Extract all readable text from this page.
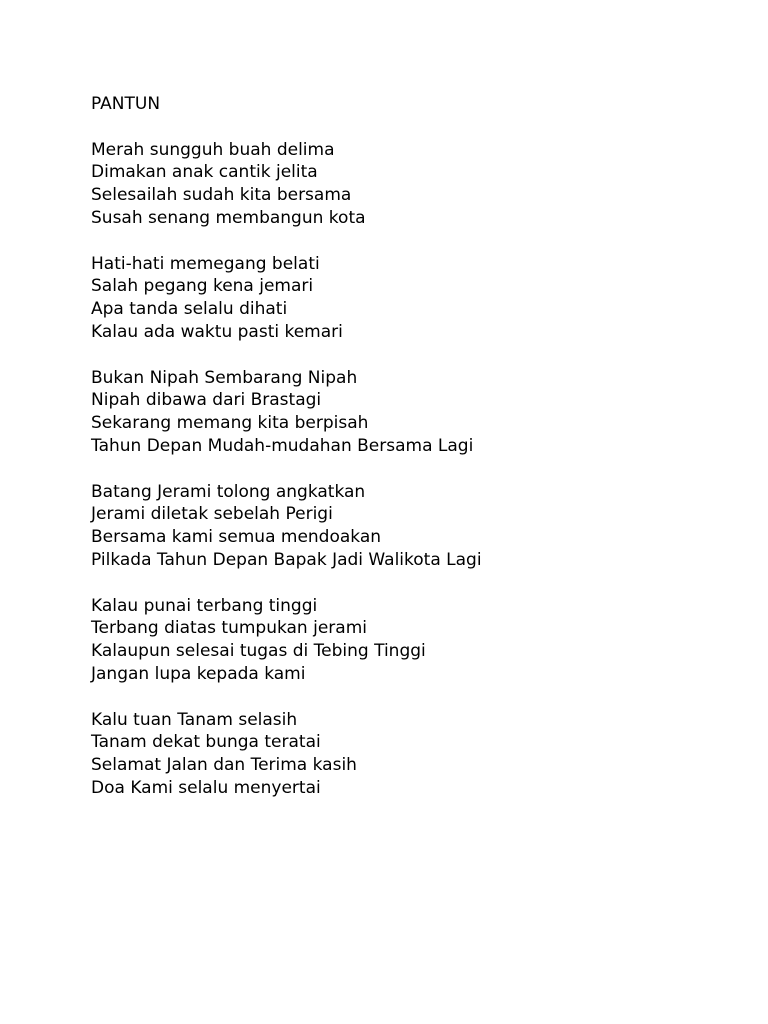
PANTUN
Merah sungguh buah delima
Dimakan anak cantik jelita
Selesailah sudah kita bersama
Susah senang membangun kota
Hati-hati memegang belati
Salah pegang kena jemari
Apa tanda selalu dihati
Kalau ada waktu pasti kemari
Bukan Nipah Sembarang Nipah
Nipah dibawa dari Brastagi
Sekarang memang kita berpisah
Tahun Depan Mudah-mudahan Bersama Lagi
Batang Jerami tolong angkatkan
Jerami diletak sebelah Perigi
Bersama kami semua mendoakan
Pilkada Tahun Depan Bapak Jadi Walikota Lagi
Kalau punai terbang tinggi
Terbang diatas tumpukan jerami
Kalaupun selesai tugas di Tebing Tinggi
Jangan lupa kepada kami
Kalu tuan Tanam selasih
Tanam dekat bunga teratai
Selamat Jalan dan Terima kasih
Doa Kami selalu menyertai
